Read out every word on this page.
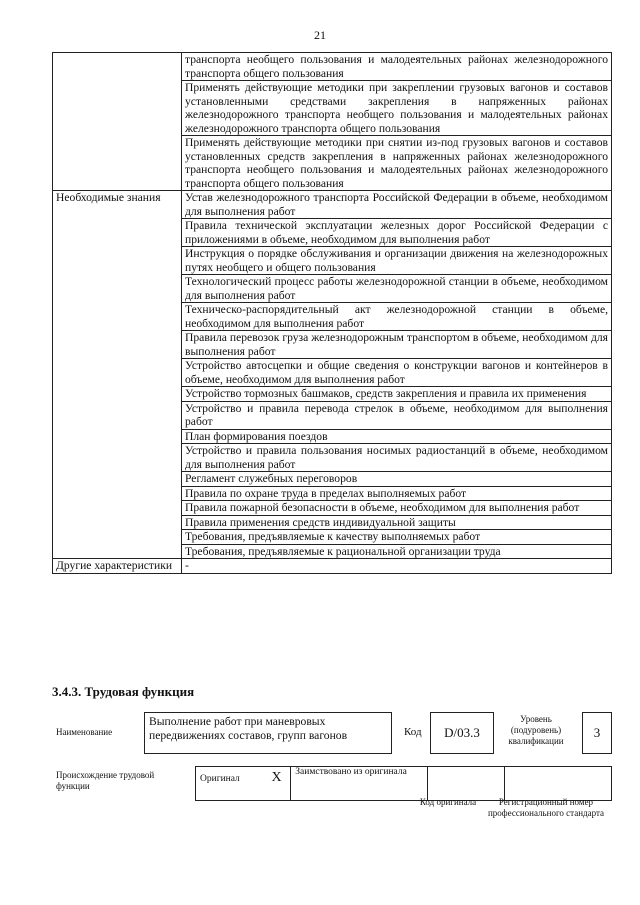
21
	транспорта необщего пользования и малодеятельных районах железнодорожного транспорта общего пользования
	Применять действующие методики при закреплении грузовых вагонов и составов установленными средствами закрепления в напряженных районах железнодорожного транспорта необщего пользования и малодеятельных районах железнодорожного транспорта общего пользования
	Применять действующие методики при снятии из-под грузовых вагонов и составов установленных средств закрепления в напряженных районах железнодорожного транспорта необщего пользования и малодеятельных районах железнодорожного транспорта общего пользования
Необходимые знания	Устав железнодорожного транспорта Российской Федерации в объеме, необходимом для выполнения работ
	Правила технической эксплуатации железных дорог Российской Федерации с приложениями в объеме, необходимом для выполнения работ
	Инструкция о порядке обслуживания и организации движения на железнодорожных путях необщего и общего пользования
	Технологический процесс работы железнодорожной станции в объеме, необходимом для выполнения работ
	Техническо-распорядительный акт железнодорожной станции в объеме, необходимом для выполнения работ
	Правила перевозок груза железнодорожным транспортом в объеме, необходимом для выполнения работ
	Устройство автосцепки и общие сведения о конструкции вагонов и контейнеров в объеме, необходимом для выполнения работ
	Устройство тормозных башмаков, средств закрепления и правила их применения
	Устройство и правила перевода стрелок в объеме, необходимом для выполнения работ
	План формирования поездов
	Устройство и правила пользования носимых радиостанций в объеме, необходимом для выполнения работ
	Регламент служебных переговоров
	Правила по охране труда в пределах выполняемых работ
	Правила пожарной безопасности в объеме, необходимом для выполнения работ
	Правила применения средств индивидуальной защиты
	Требования, предъявляемые к качеству выполняемых работ
	Требования, предъявляемые к рациональной организации труда
Другие характеристики	-
3.4.3. Трудовая функция
Наименование
Выполнение работ при маневровых передвижениях составов, групп вагонов	Код	D/03.3
Уровень (подуровень) квалификации
3
Происхождение трудовой функции
Оригинал	X	Заимствовано из оригинала		
Код оригинала	Регистрационный номер профессионального стандарта
